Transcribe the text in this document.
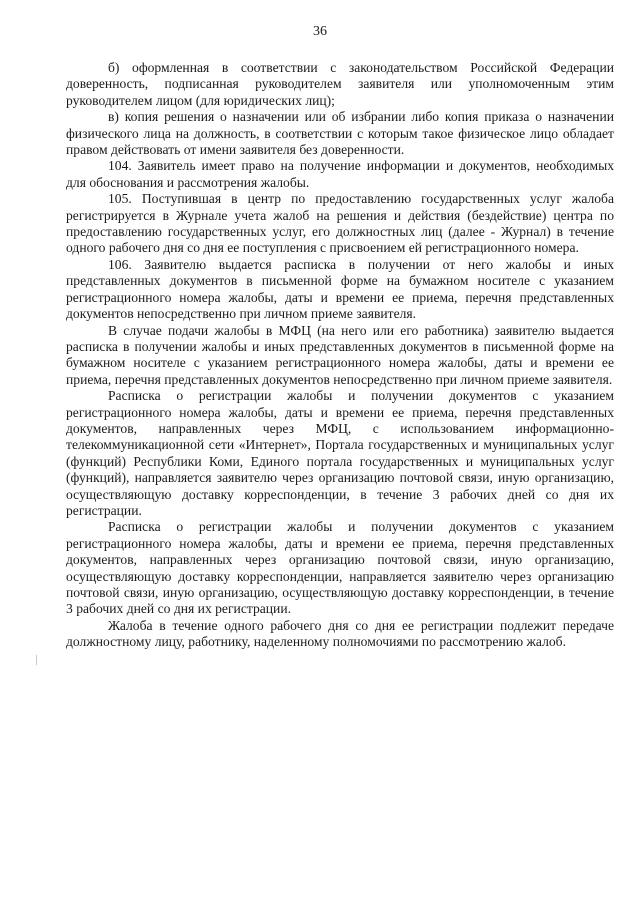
36

б) оформленная в соответствии с законодательством Российской Федерации доверенность, подписанная руководителем заявителя или уполномоченным этим руководителем лицом (для юридических лиц);

в) копия решения о назначении или об избрании либо копия приказа о назначении физического лица на должность, в соответствии с которым такое физическое лицо обладает правом действовать от имени заявителя без доверенности.

104. Заявитель имеет право на получение информации и документов, необходимых для обоснования и рассмотрения жалобы.

105. Поступившая в центр по предоставлению государственных услуг жалоба регистрируется в Журнале учета жалоб на решения и действия (бездействие) центра по предоставлению государственных услуг, его должностных лиц (далее - Журнал) в течение одного рабочего дня со дня ее поступления с присвоением ей регистрационного номера.

106. Заявителю выдается расписка в получении от него жалобы и иных представленных документов в письменной форме на бумажном носителе с указанием регистрационного номера жалобы, даты и времени ее приема, перечня представленных документов непосредственно при личном приеме заявителя.

В случае подачи жалобы в МФЦ (на него или его работника) заявителю выдается расписка в получении жалобы и иных представленных документов в письменной форме на бумажном носителе с указанием регистрационного номера жалобы, даты и времени ее приема, перечня представленных документов непосредственно при личном приеме заявителя.

Расписка о регистрации жалобы и получении документов с указанием регистрационного номера жалобы, даты и времени ее приема, перечня представленных документов, направленных через МФЦ, с использованием информационно-телекоммуникационной сети «Интернет», Портала государственных и муниципальных услуг (функций) Республики Коми, Единого портала государственных и муниципальных услуг (функций), направляется заявителю через организацию почтовой связи, иную организацию, осуществляющую доставку корреспонденции, в течение 3 рабочих дней со дня их регистрации.

Расписка о регистрации жалобы и получении документов с указанием регистрационного номера жалобы, даты и времени ее приема, перечня представленных документов, направленных через организацию почтовой связи, иную организацию, осуществляющую доставку корреспонденции, направляется заявителю через организацию почтовой связи, иную организацию, осуществляющую доставку корреспонденции, в течение 3 рабочих дней со дня их регистрации.

Жалоба в течение одного рабочего дня со дня ее регистрации подлежит передаче должностному лицу, работнику, наделенному полномочиями по рассмотрению жалоб.
